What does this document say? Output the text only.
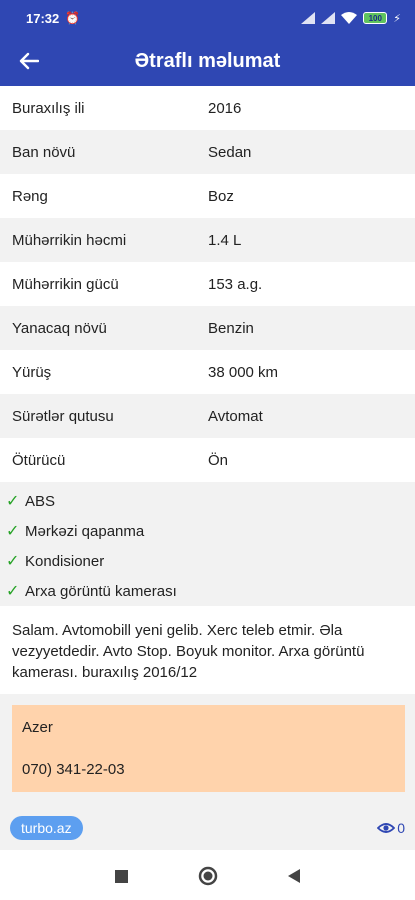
17:32 ⏰	100	⚡
Ətraflı məlumat
Buraxılış ili	2016
Ban növü	Sedan
Rəng	Boz
Mühərrikin həcmi	1.4 L
Mühərrikin gücü	153 a.g.
Yanacaq növü	Benzin
Yürüş	38 000 km
Sürətlər qutusu	Avtomat
Ötürücü	Ön
✓ ABS
✓ Mərkəzi qapanma
✓ Kondisioner
✓ Arxa görüntü kamerası
Salam. Avtomobill yeni gelib. Xerc teleb etmir. Əla vezyyetdedir. Avto Stop. Boyuk monitor. Arxa görüntü kamerası. buraxılış 2016/12
Azer
070) 341-22-03
turbo.az	0
